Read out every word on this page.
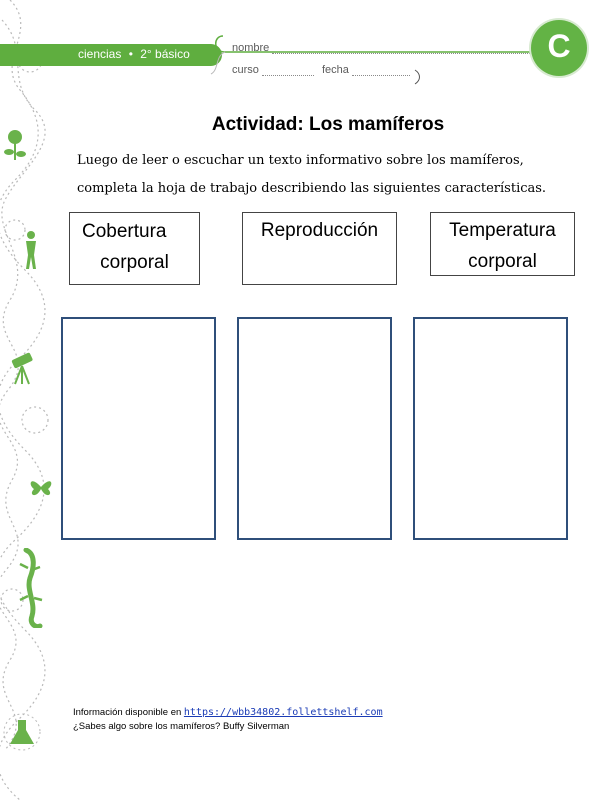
ciencias • 2° básico	nombre
curso	fecha
C
Actividad: Los mamíferos
Luego de leer o escuchar un texto informativo sobre los mamíferos,
completa la hoja de trabajo describiendo las siguientes características.
Cobertura
corporal
Reproducción	Temperatura
corporal
Información disponible en https://wbb34802.follettshelf.com
¿Sabes algo sobre los mamíferos? Buffy Silverman
